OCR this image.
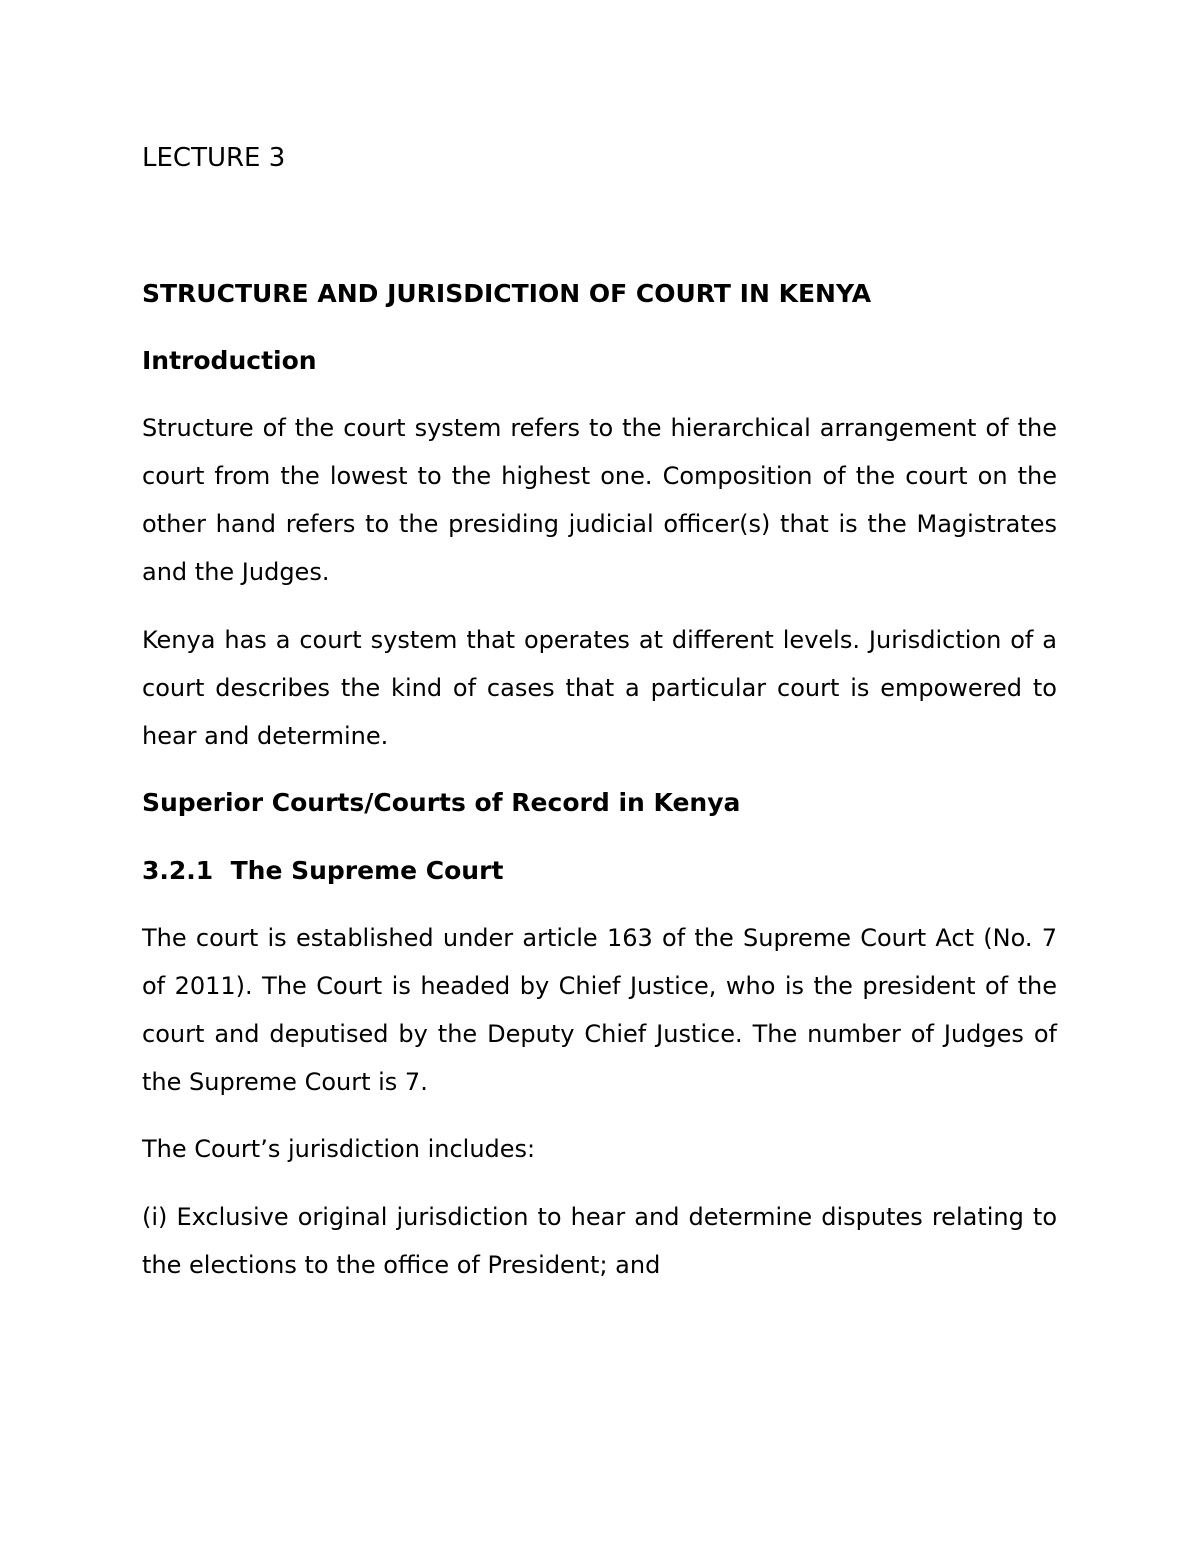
LECTURE 3
STRUCTURE AND JURISDICTION OF COURT IN KENYA
Introduction

Structure of the court system refers to the hierarchical arrangement of the court from the lowest to the highest one. Composition of the court on the other hand refers to the presiding judicial officer(s) that is the Magistrates and the Judges.

Kenya has a court system that operates at different levels. Jurisdiction of a court describes the kind of cases that a particular court is empowered to hear and determine.

Superior Courts/Courts of Record in Kenya
3.2.1  The Supreme Court

The court is established under article 163 of the Supreme Court Act (No. 7 of 2011). The Court is headed by Chief Justice, who is the president of the court and deputised by the Deputy Chief Justice. The number of Judges of the Supreme Court is 7.

The Court’s jurisdiction includes:

(i) Exclusive original jurisdiction to hear and determine disputes relating to the elections to the office of President; and
